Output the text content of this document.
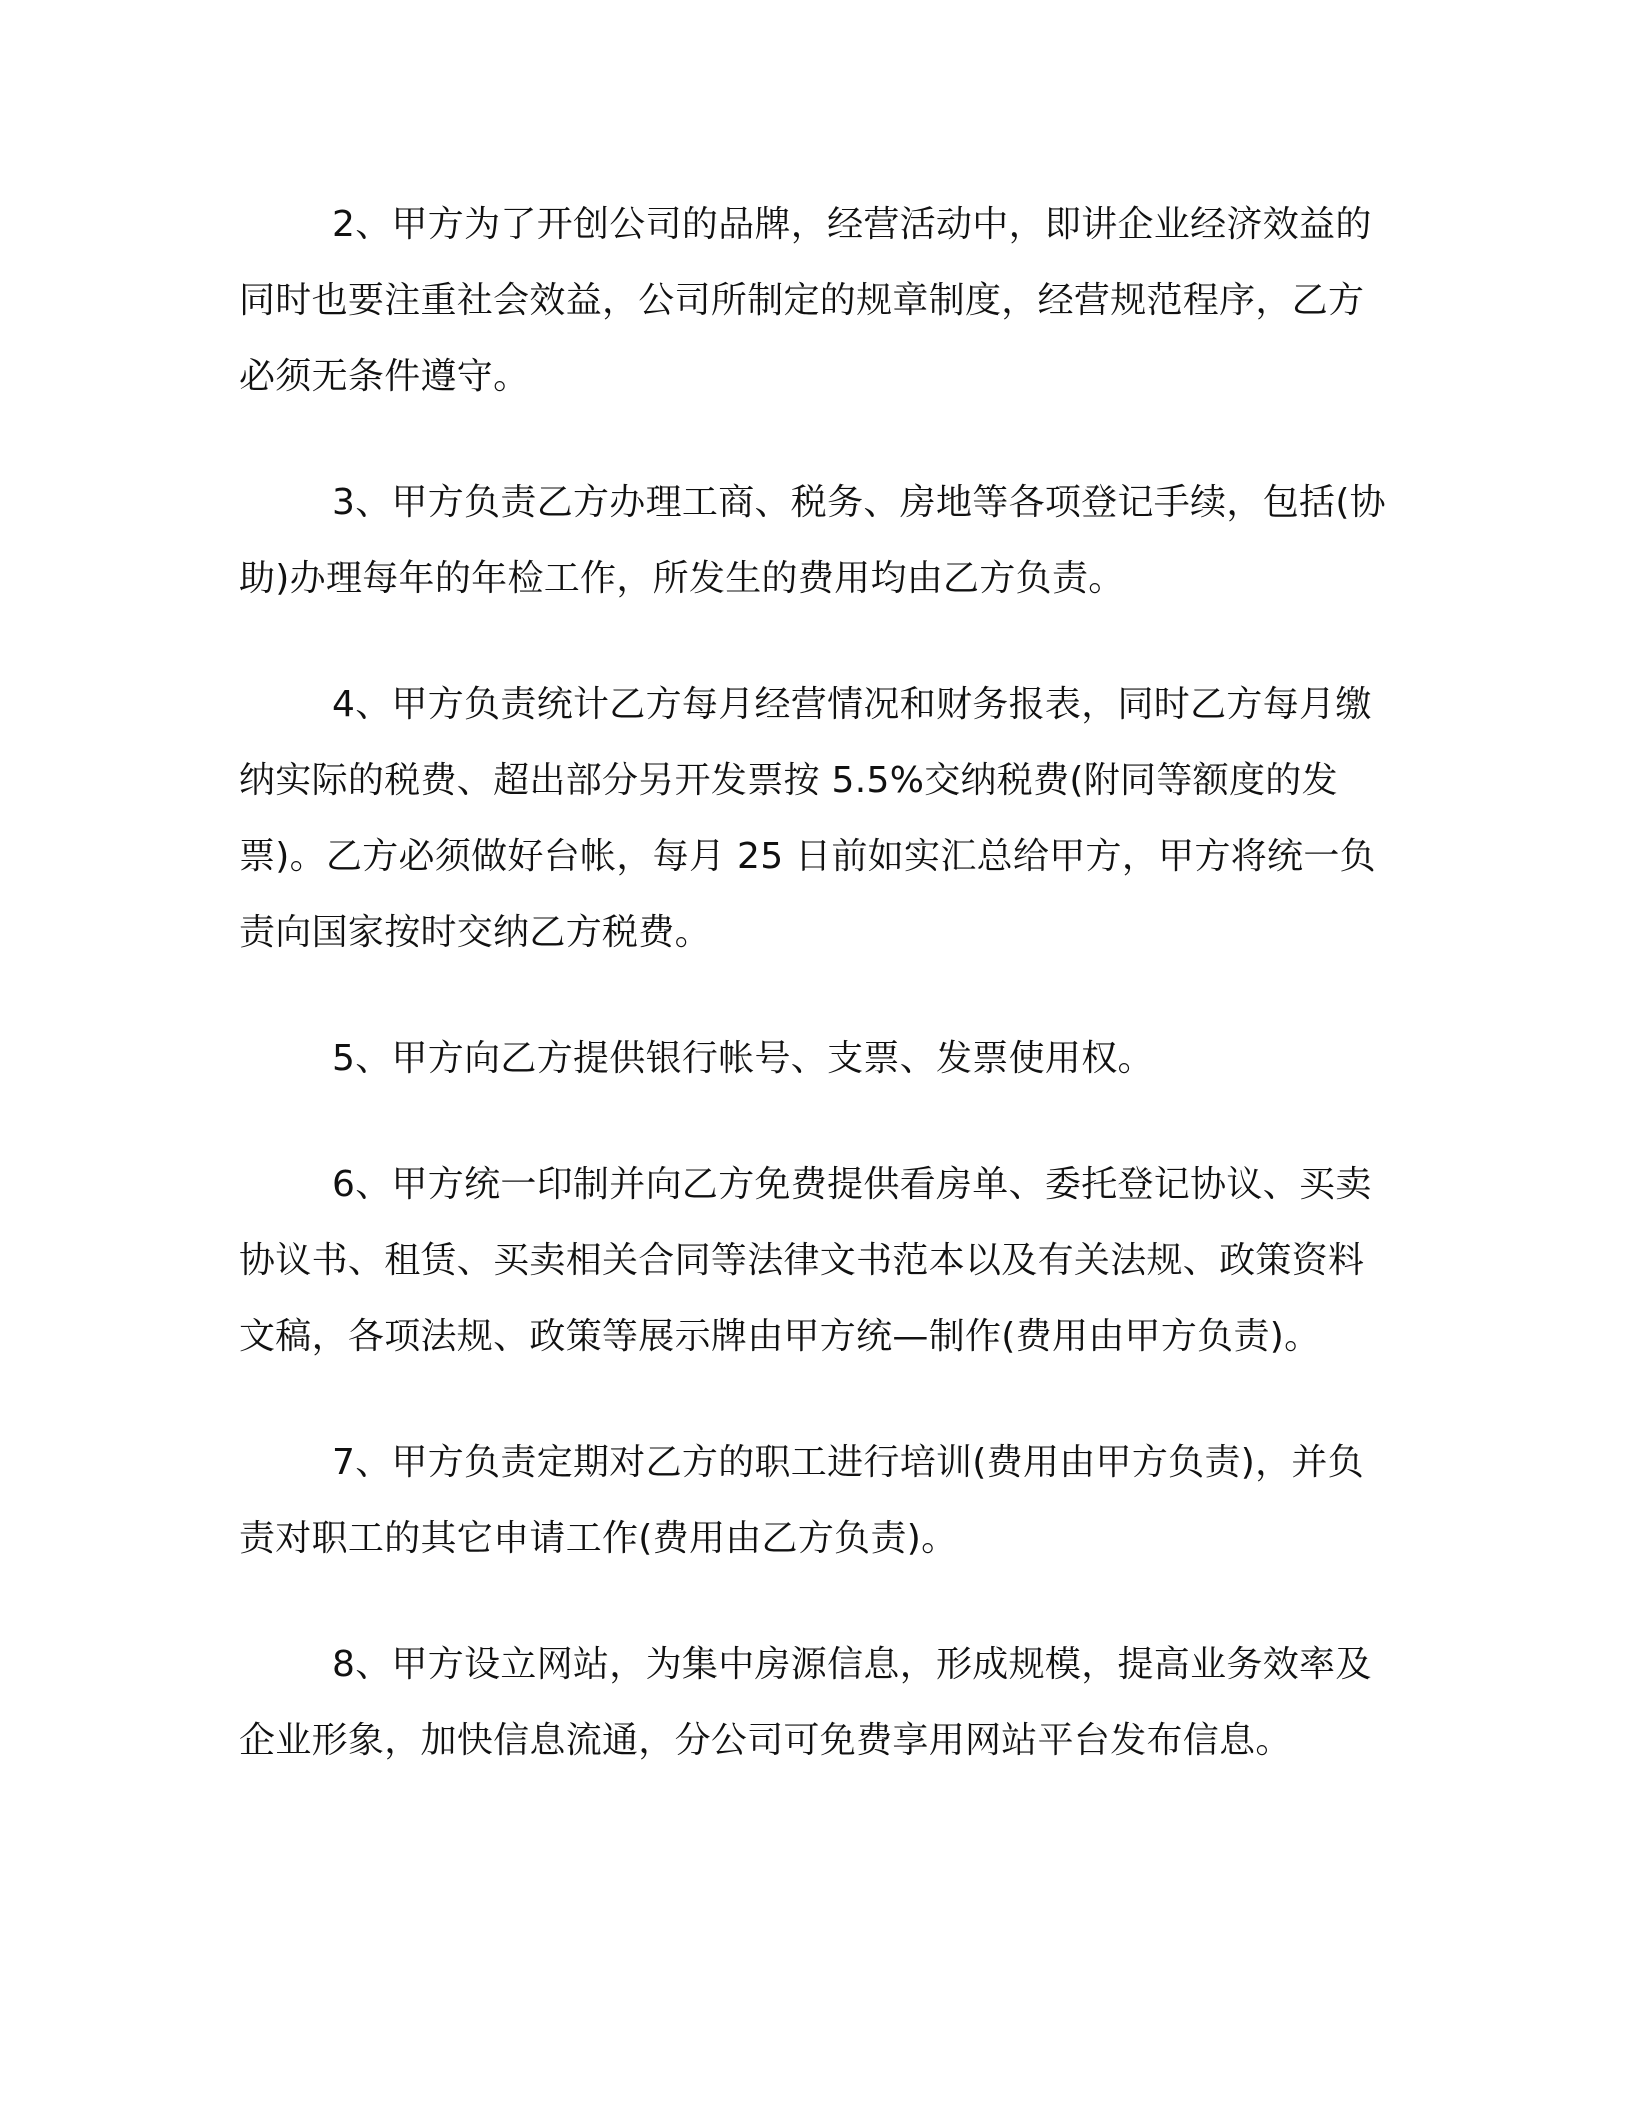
2、甲方为了开创公司的品牌，经营活动中，即讲企业经济效益的同时也要注重社会效益，公司所制定的规章制度，经营规范程序，乙方必须无条件遵守。

3、甲方负责乙方办理工商、税务、房地等各项登记手续，包括(协助)办理每年的年检工作，所发生的费用均由乙方负责。

4、甲方负责统计乙方每月经营情况和财务报表，同时乙方每月缴纳实际的税费、超出部分另开发票按 5.5%交纳税费(附同等额度的发票)。乙方必须做好台帐，每月 25 日前如实汇总给甲方，甲方将统一负责向国家按时交纳乙方税费。

5、甲方向乙方提供银行帐号、支票、发票使用权。

6、甲方统一印制并向乙方免费提供看房单、委托登记协议、买卖协议书、租赁、买卖相关合同等法律文书范本以及有关法规、政策资料文稿，各项法规、政策等展示牌由甲方统—制作(费用由甲方负责)。

7、甲方负责定期对乙方的职工进行培训(费用由甲方负责)，并负责对职工的其它申请工作(费用由乙方负责)。

8、甲方设立网站，为集中房源信息，形成规模，提高业务效率及企业形象，加快信息流通，分公司可免费享用网站平台发布信息。
